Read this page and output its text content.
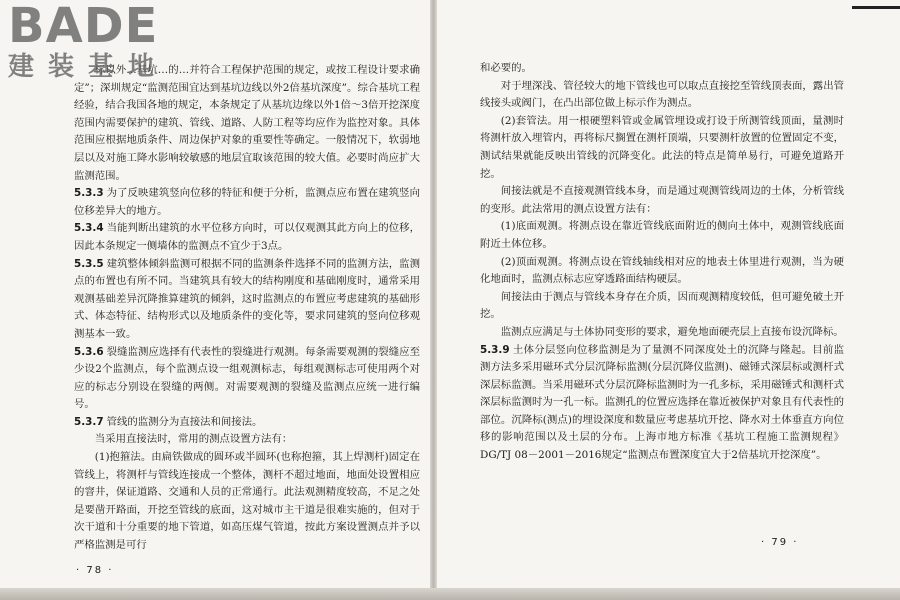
标以外…基坑…的…并符合工程保护范围的规定，或按工程设计要求确定”；深圳规定“监测范围宜达到基坑边线以外2倍基坑深度”。综合基坑工程经验，结合我国各地的规定，本条规定了从基坑边缘以外1倍～3倍开挖深度范围内需要保护的建筑、管线、道路、人防工程等均应作为监控对象。具体范围应根据地质条件、周边保护对象的重要性等确定。一般情况下，软弱地层以及对施工降水影响较敏感的地层宜取该范围的较大值。必要时尚应扩大监测范围。

5.3.3 为了反映建筑竖向位移的特征和便于分析，监测点应布置在建筑竖向位移差异大的地方。

5.3.4 当能判断出建筑的水平位移方向时，可以仅观测其此方向上的位移，因此本条规定一侧墙体的监测点不宜少于3点。

5.3.5 建筑整体倾斜监测可根据不同的监测条件选择不同的监测方法，监测点的布置也有所不同。当建筑具有较大的结构刚度和基础刚度时，通常采用观测基础差异沉降推算建筑的倾斜，这时监测点的布置应考虑建筑的基础形式、体态特征、结构形式以及地质条件的变化等，要求同建筑的竖向位移观测基本一致。

5.3.6 裂缝监测应选择有代表性的裂缝进行观测。每条需要观测的裂缝应至少设2个监测点，每个监测点设一组观测标志，每组观测标志可使用两个对应的标志分别设在裂缝的两侧。对需要观测的裂缝及监测点应统一进行编号。

5.3.7 管线的监测分为直接法和间接法。

当采用直接法时，常用的测点设置方法有：

(1)抱箍法。由扁铁做成的圆环或半圆环(也称抱箍，其上焊测杆)固定在管线上，将测杆与管线连接成一个整体，测杆不超过地面，地面处设置相应的窨井，保证道路、交通和人员的正常通行。此法观测精度较高，不足之处是要凿开路面，开挖至管线的底面，这对城市主干道是很难实施的，但对于次干道和十分重要的地下管道，如高压煤气管道，按此方案设置测点并予以严格监测是可行

· 78 ·

和必要的。

对于埋深浅、管径较大的地下管线也可以取点直接挖至管线顶表面，露出管线接头或阀门，在凸出部位做上标示作为测点。

(2)套管法。用一根硬塑料管或金属管埋设或打设于所测管线顶面，量测时将测杆放入埋管内，再将标尺搁置在测杆顶端，只要测杆放置的位置固定不变，测试结果就能反映出管线的沉降变化。此法的特点是简单易行，可避免道路开挖。

间接法就是不直接观测管线本身，而是通过观测管线周边的土体，分析管线的变形。此法常用的测点设置方法有：

(1)底面观测。将测点设在靠近管线底面附近的侧向土体中，观测管线底面附近土体位移。

(2)顶面观测。将测点设在管线轴线相对应的地表土体里进行观测，当为硬化地面时，监测点标志应穿透路面结构硬层。

间接法由于测点与管线本身存在介质，因而观测精度较低，但可避免破土开挖。

监测点应满足与土体协同变形的要求，避免地面硬壳层上直接布设沉降标。

5.3.9 土体分层竖向位移监测是为了量测不同深度处土的沉降与隆起。目前监测方法多采用磁环式分层沉降标监测(分层沉降仪监测)、磁锤式深层标或测杆式深层标监测。当采用磁环式分层沉降标监测时为一孔多标，采用磁锤式和测杆式深层标监测时为一孔一标。监测孔的位置应选择在靠近被保护对象且有代表性的部位。沉降标(测点)的埋设深度和数量应考虑基坑开挖、降水对土体垂直方向位移的影响范围以及土层的分布。上海市地方标准《基坑工程施工监测规程》DG/TJ 08－2001－2016规定“监测点布置深度宜大于2倍基坑开挖深度”。

· 79 ·
BADE
建装基地
